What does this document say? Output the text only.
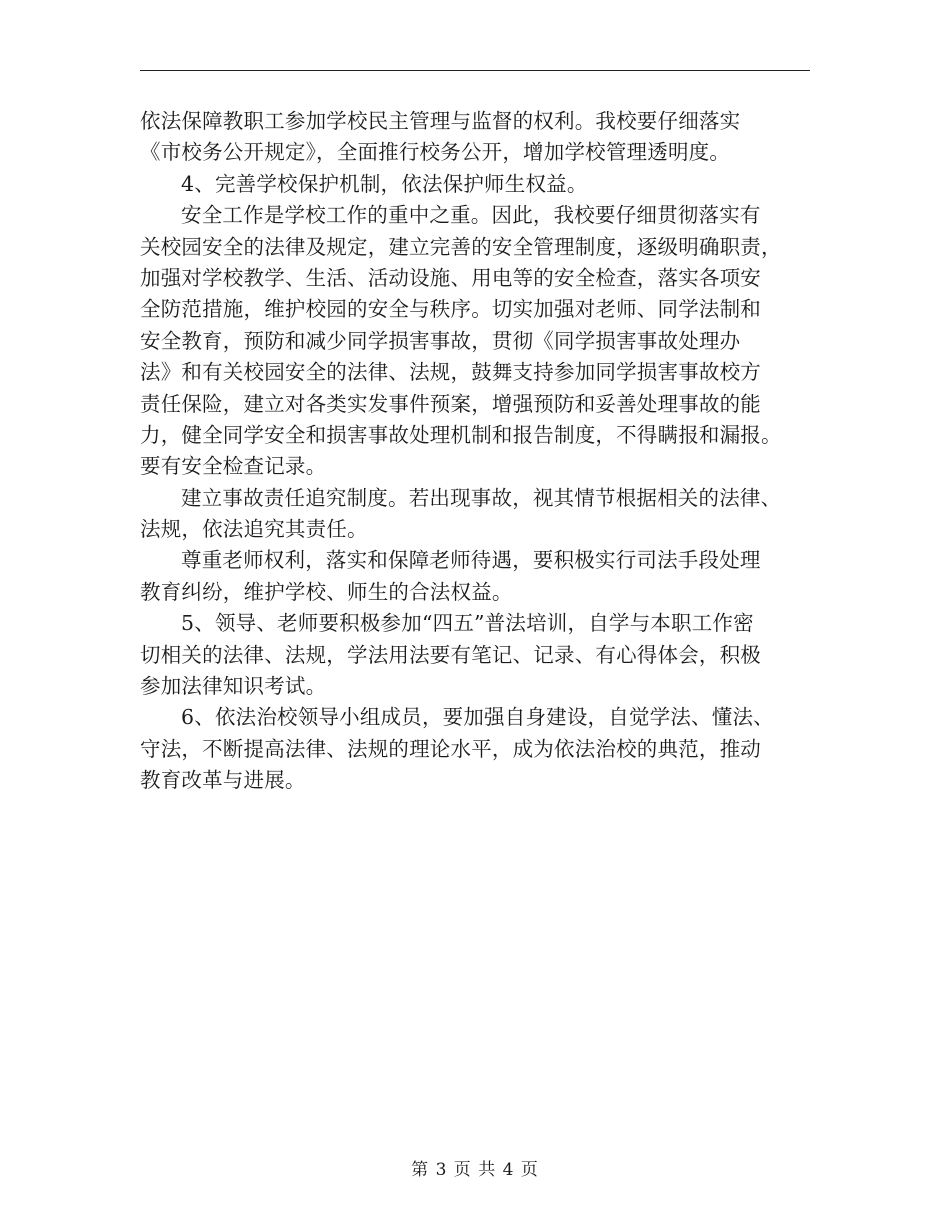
依法保障教职工参加学校民主管理与监督的权利。我校要仔细落实
《市校务公开规定》，全面推行校务公开，增加学校管理透明度。
4、完善学校保护机制，依法保护师生权益。
安全工作是学校工作的重中之重。因此，我校要仔细贯彻落实有
关校园安全的法律及规定，建立完善的安全管理制度，逐级明确职责，
加强对学校教学、生活、活动设施、用电等的安全检查，落实各项安
全防范措施，维护校园的安全与秩序。切实加强对老师、同学法制和
安全教育，预防和减少同学损害事故，贯彻《同学损害事故处理办
法》和有关校园安全的法律、法规，鼓舞支持参加同学损害事故校方
责任保险，建立对各类实发事件预案，增强预防和妥善处理事故的能
力，健全同学安全和损害事故处理机制和报告制度，不得瞒报和漏报。
要有安全检查记录。
建立事故责任追究制度。若出现事故，视其情节根据相关的法律、
法规，依法追究其责任。
尊重老师权利，落实和保障老师待遇，要积极实行司法手段处理
教育纠纷，维护学校、师生的合法权益。
5、领导、老师要积极参加“四五”普法培训，自学与本职工作密
切相关的法律、法规，学法用法要有笔记、记录、有心得体会，积极
参加法律知识考试。
6、依法治校领导小组成员，要加强自身建设，自觉学法、懂法、
守法，不断提高法律、法规的理论水平，成为依法治校的典范，推动
教育改革与进展。
第 3 页 共 4 页
